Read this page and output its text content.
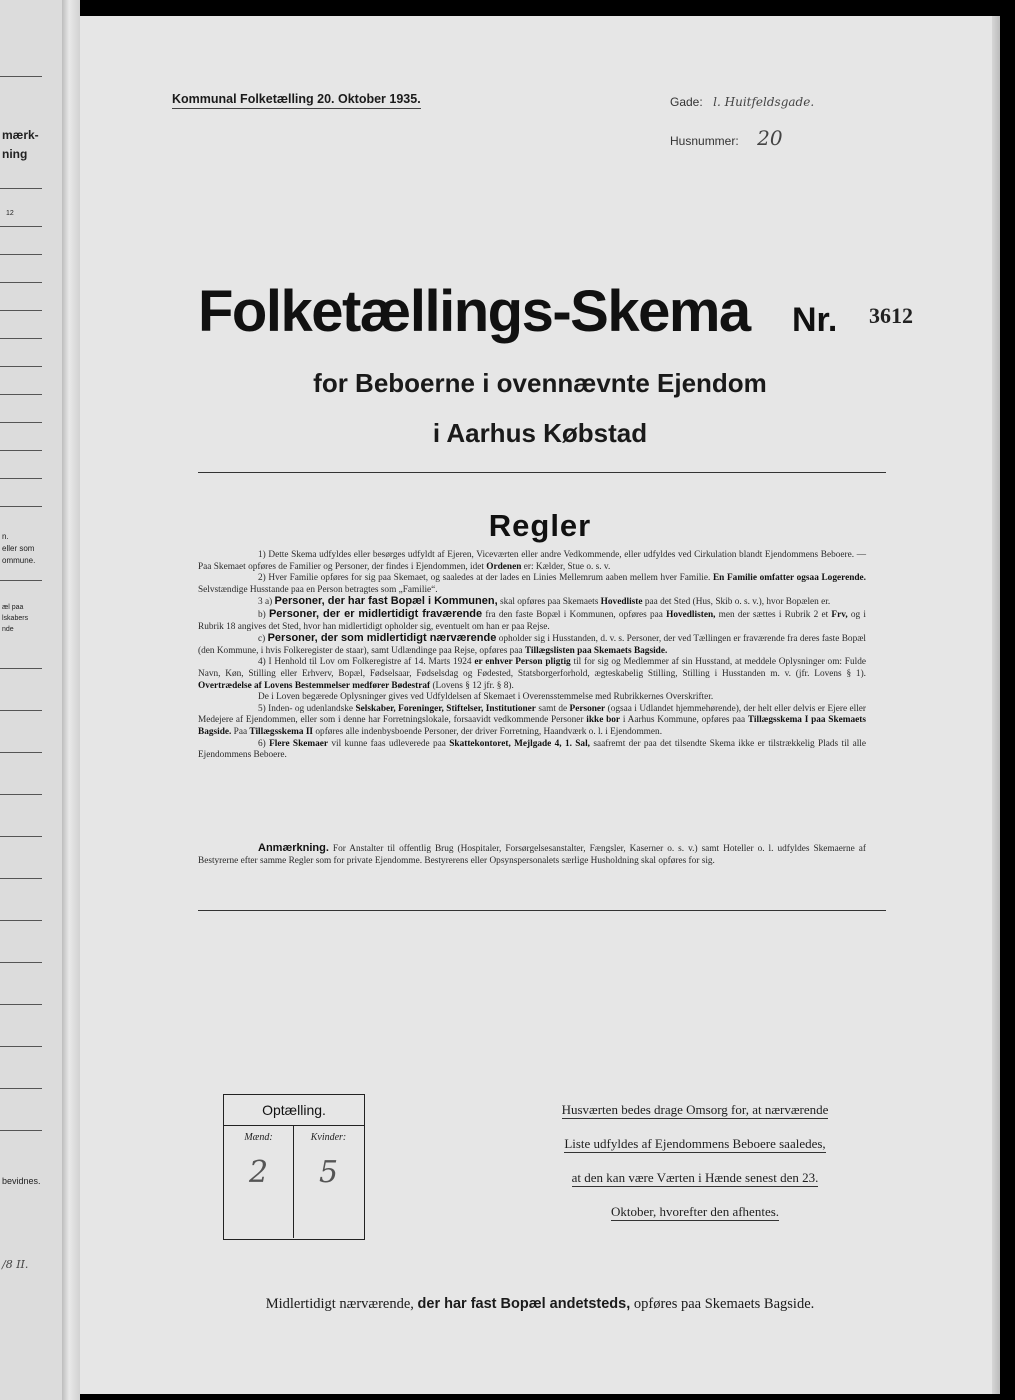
mærk-
ning
12
n.
eller som
ommune.
æl paa
lskabers
nde
bevidnes.
/8 II.
Kommunal Folketælling 20. Oktober 1935.	Gade: l. Huitfeldsgade.
Husnummer: 20
Folketællings-Skema Nr. 3612
for Beboerne i ovennævnte Ejendom
i Aarhus Købstad
Regler

1) Dette Skema udfyldes eller besørges udfyldt af Ejeren, Viceværten eller andre Vedkommende, eller udfyldes ved Cirkulation blandt Ejendommens Beboere. — Paa Skemaet opføres de Familier og Personer, der findes i Ejendommen, idet Ordenen er: Kælder, Stue o. s. v.

2) Hver Familie opføres for sig paa Skemaet, og saaledes at der lades en Linies Mellemrum aaben mellem hver Familie. En Familie omfatter ogsaa Logerende. Selvstændige Husstande paa en Person betragtes som „Familie“.

3 a) Personer, der har fast Bopæl i Kommunen, skal opføres paa Skemaets Hovedliste paa det Sted (Hus, Skib o. s. v.), hvor Bopælen er.

b) Personer, der er midlertidigt fraværende fra den faste Bopæl i Kommunen, opføres paa Hovedlisten, men der sættes i Rubrik 2 et Frv, og i Rubrik 18 angives det Sted, hvor han midlertidigt opholder sig, eventuelt om han er paa Rejse.

c) Personer, der som midlertidigt nærværende opholder sig i Husstanden, d. v. s. Personer, der ved Tællingen er fraværende fra deres faste Bopæl (den Kommune, i hvis Folkeregister de staar), samt Udlændinge paa Rejse, opføres paa Tillægslisten paa Skemaets Bagside.

4) I Henhold til Lov om Folkeregistre af 14. Marts 1924 er enhver Person pligtig til for sig og Medlemmer af sin Husstand, at meddele Oplysninger om: Fulde Navn, Køn, Stilling eller Erhverv, Bopæl, Fødselsaar, Fødselsdag og Fødested, Statsborgerforhold, ægteskabelig Stilling, Stilling i Husstanden m. v. (jfr. Lovens § 1). Overtrædelse af Lovens Bestemmelser medfører Bødestraf (Lovens § 12 jfr. § 8).

De i Loven begærede Oplysninger gives ved Udfyldelsen af Skemaet i Overensstemmelse med Rubrikkernes Overskrifter.

5) Inden- og udenlandske Selskaber, Foreninger, Stiftelser, Institutioner samt de Personer (ogsaa i Udlandet hjemmehørende), der helt eller delvis er Ejere eller Medejere af Ejendommen, eller som i denne har Forretningslokale, forsaavidt vedkommende Personer ikke bor i Aarhus Kommune, opføres paa Tillægsskema I paa Skemaets Bagside. Paa Tillægsskema II opføres alle indenbysboende Personer, der driver Forretning, Haandværk o. l. i Ejendommen.

6) Flere Skemaer vil kunne faas udleverede paa Skattekontoret, Mejlgade 4, 1. Sal, saafremt der paa det tilsendte Skema ikke er tilstrækkelig Plads til alle Ejendommens Beboere.

Anmærkning. For Anstalter til offentlig Brug (Hospitaler, Forsørgelsesanstalter, Fængsler, Kaserner o. s. v.) samt Hoteller o. l. udfyldes Skemaerne af Bestyrerne efter samme Regler som for private Ejendomme. Bestyrerens eller Opsynspersonalets særlige Husholdning skal opføres for sig.
Optælling.
Mænd:
2
Kvinder:
5
Husværten bedes drage Omsorg for, at nærværende
Liste udfyldes af Ejendommens Beboere saaledes,
at den kan være Værten i Hænde senest den 23.
Oktober, hvorefter den afhentes.
Midlertidigt nærværende, der har fast Bopæl andetsteds, opføres paa Skemaets Bagside.
